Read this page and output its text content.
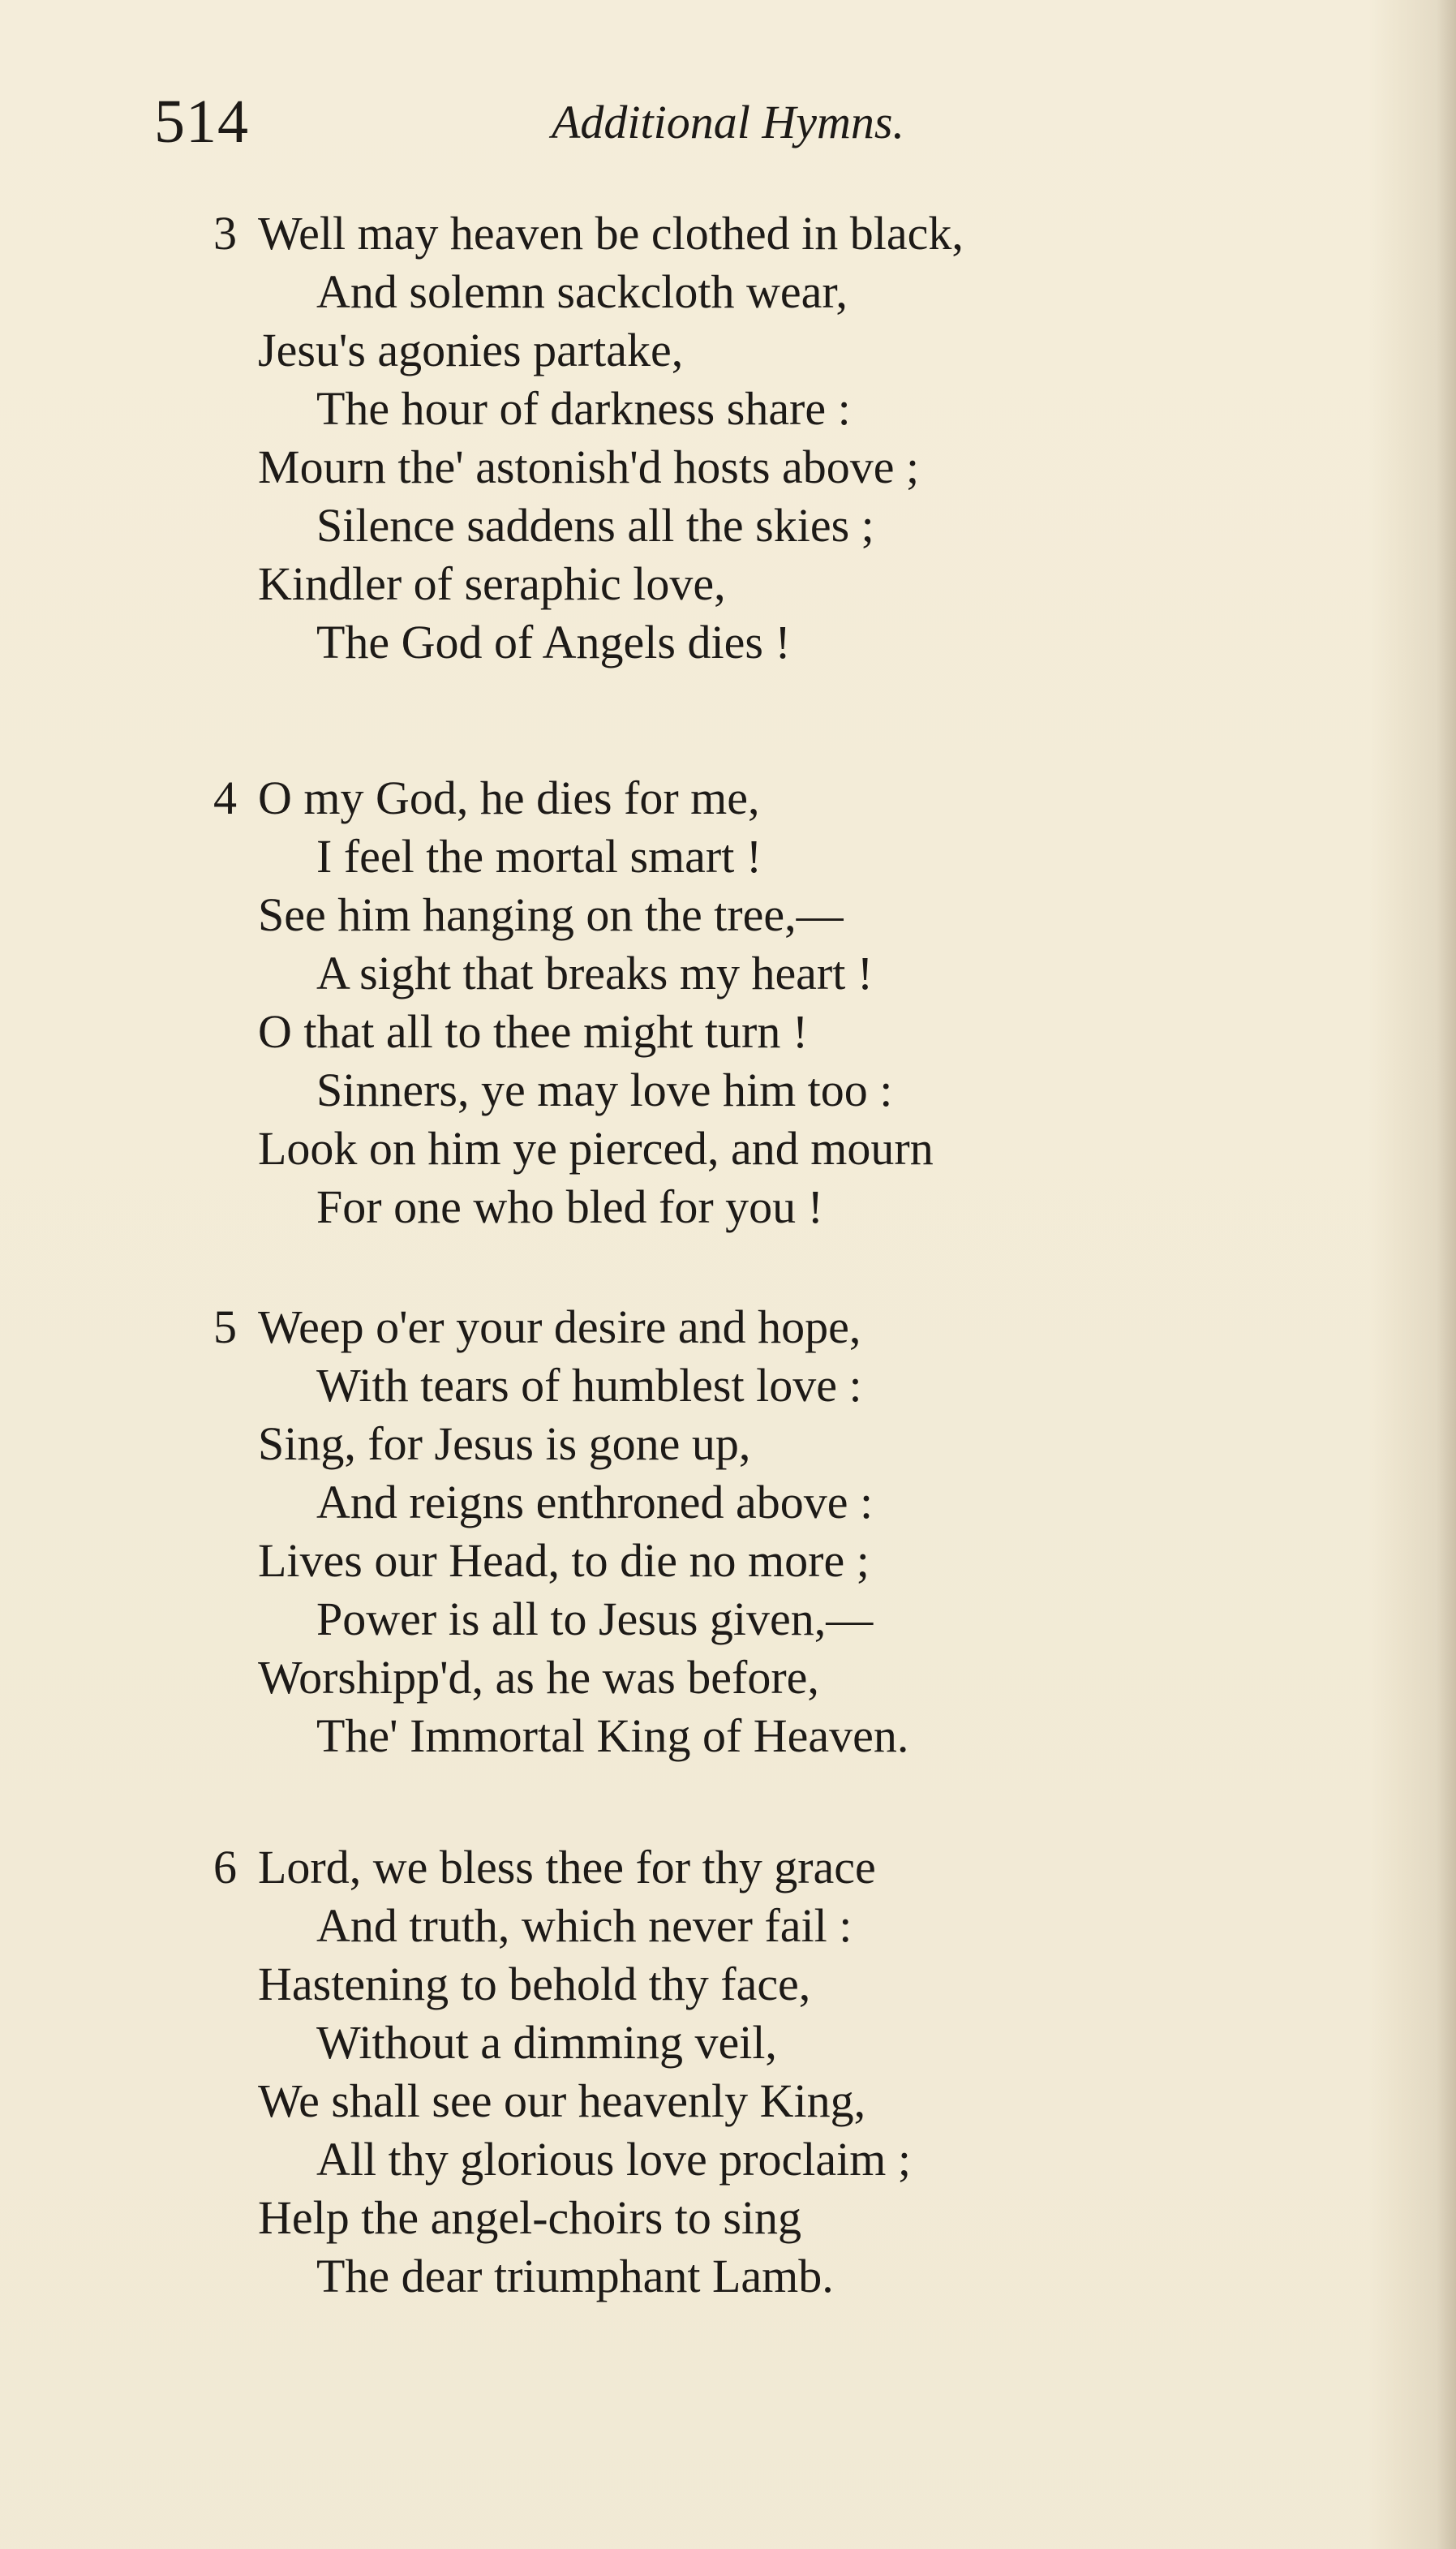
514	Additional Hymns.
3 Well may heaven be clothed in black,
And solemn sackcloth wear,
Jesu's agonies partake,
The hour of darkness share :
Mourn the' astonish'd hosts above ;
Silence saddens all the skies ;
Kindler of seraphic love,
The God of Angels dies !
4 O my God, he dies for me,
I feel the mortal smart !
See him hanging on the tree,—
A sight that breaks my heart !
O that all to thee might turn !
Sinners, ye may love him too :
Look on him ye pierced, and mourn
For one who bled for you !
5 Weep o'er your desire and hope,
With tears of humblest love :
Sing, for Jesus is gone up,
And reigns enthroned above :
Lives our Head, to die no more ;
Power is all to Jesus given,—
Worshipp'd, as he was before,
The' Immortal King of Heaven.
6 Lord, we bless thee for thy grace
And truth, which never fail :
Hastening to behold thy face,
Without a dimming veil,
We shall see our heavenly King,
All thy glorious love proclaim ;
Help the angel-choirs to sing
The dear triumphant Lamb.
